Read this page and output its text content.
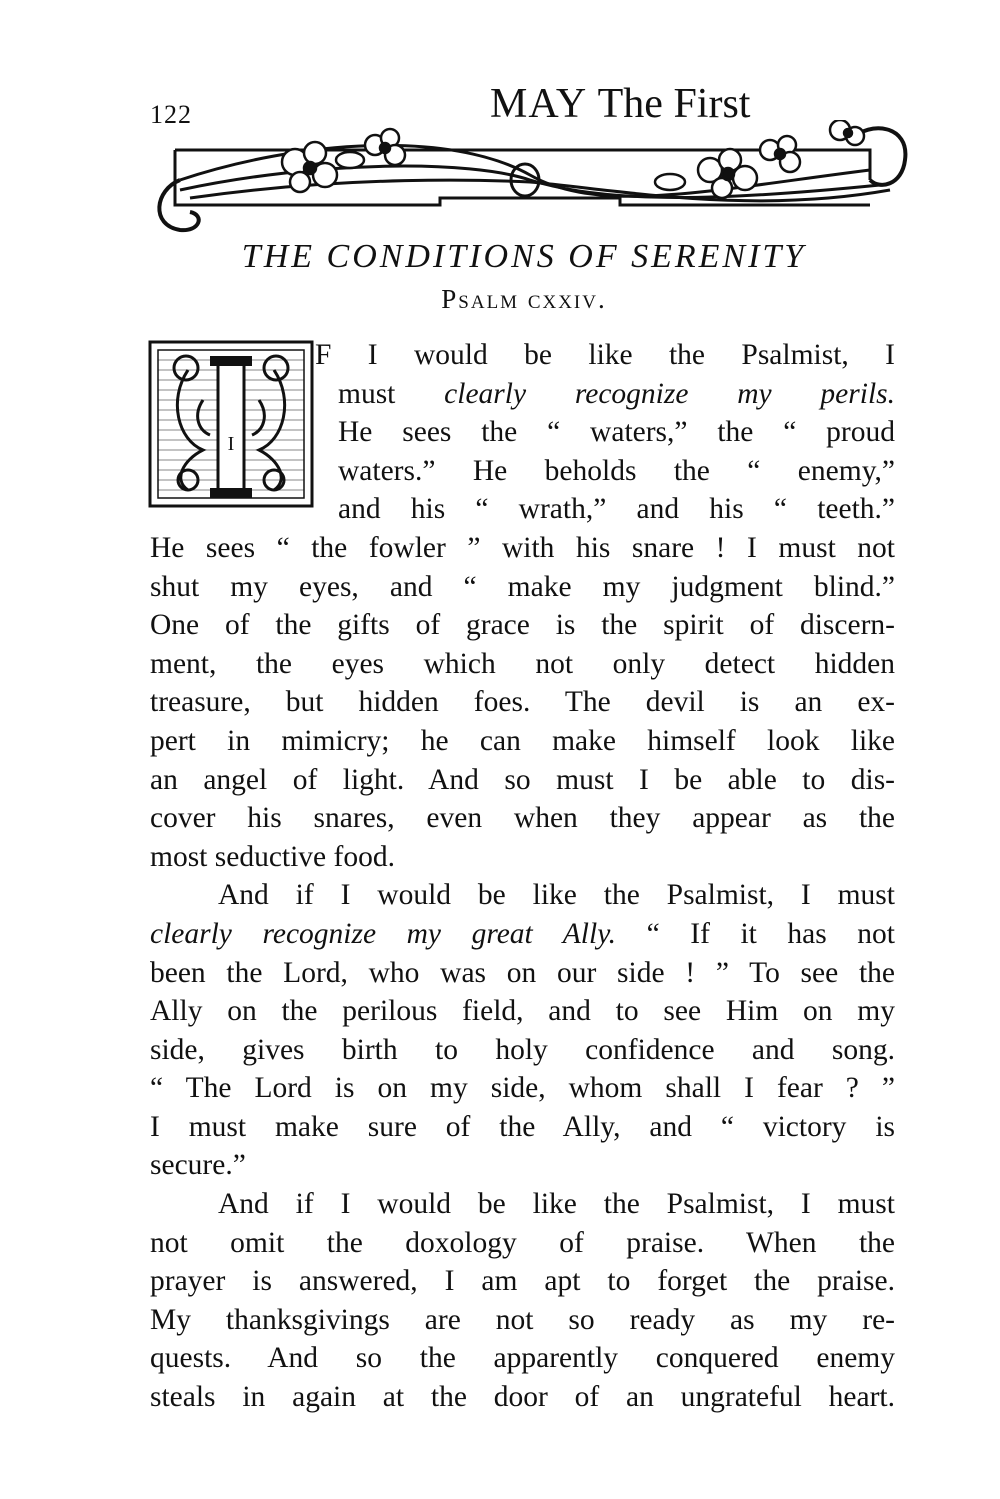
122	MAY The First
THE CONDITIONS OF SERENITY
Psalm cxxiv.
I
F I would be like the Psalmist, I
must clearly recognize my perils.
He sees the “ waters,” the “ proud
waters.” He beholds the “ enemy,”
and his “ wrath,” and his “ teeth.”
He sees “ the fowler ” with his snare ! I must not
shut my eyes, and “ make my judgment blind.”
One of the gifts of grace is the spirit of discern-
ment, the eyes which not only detect hidden
treasure, but hidden foes. The devil is an ex-
pert in mimicry; he can make himself look like
an angel of light. And so must I be able to dis-
cover his snares, even when they appear as the
most seductive food.
And if I would be like the Psalmist, I must
clearly recognize my great Ally. “ If it has not
been the Lord, who was on our side ! ” To see the
Ally on the perilous field, and to see Him on my
side, gives birth to holy confidence and song.
“ The Lord is on my side, whom shall I fear ? ”
I must make sure of the Ally, and “ victory is
secure.”
And if I would be like the Psalmist, I must
not omit the doxology of praise. When the
prayer is answered, I am apt to forget the praise.
My thanksgivings are not so ready as my re-
quests. And so the apparently conquered enemy
steals in again at the door of an ungrateful heart.
